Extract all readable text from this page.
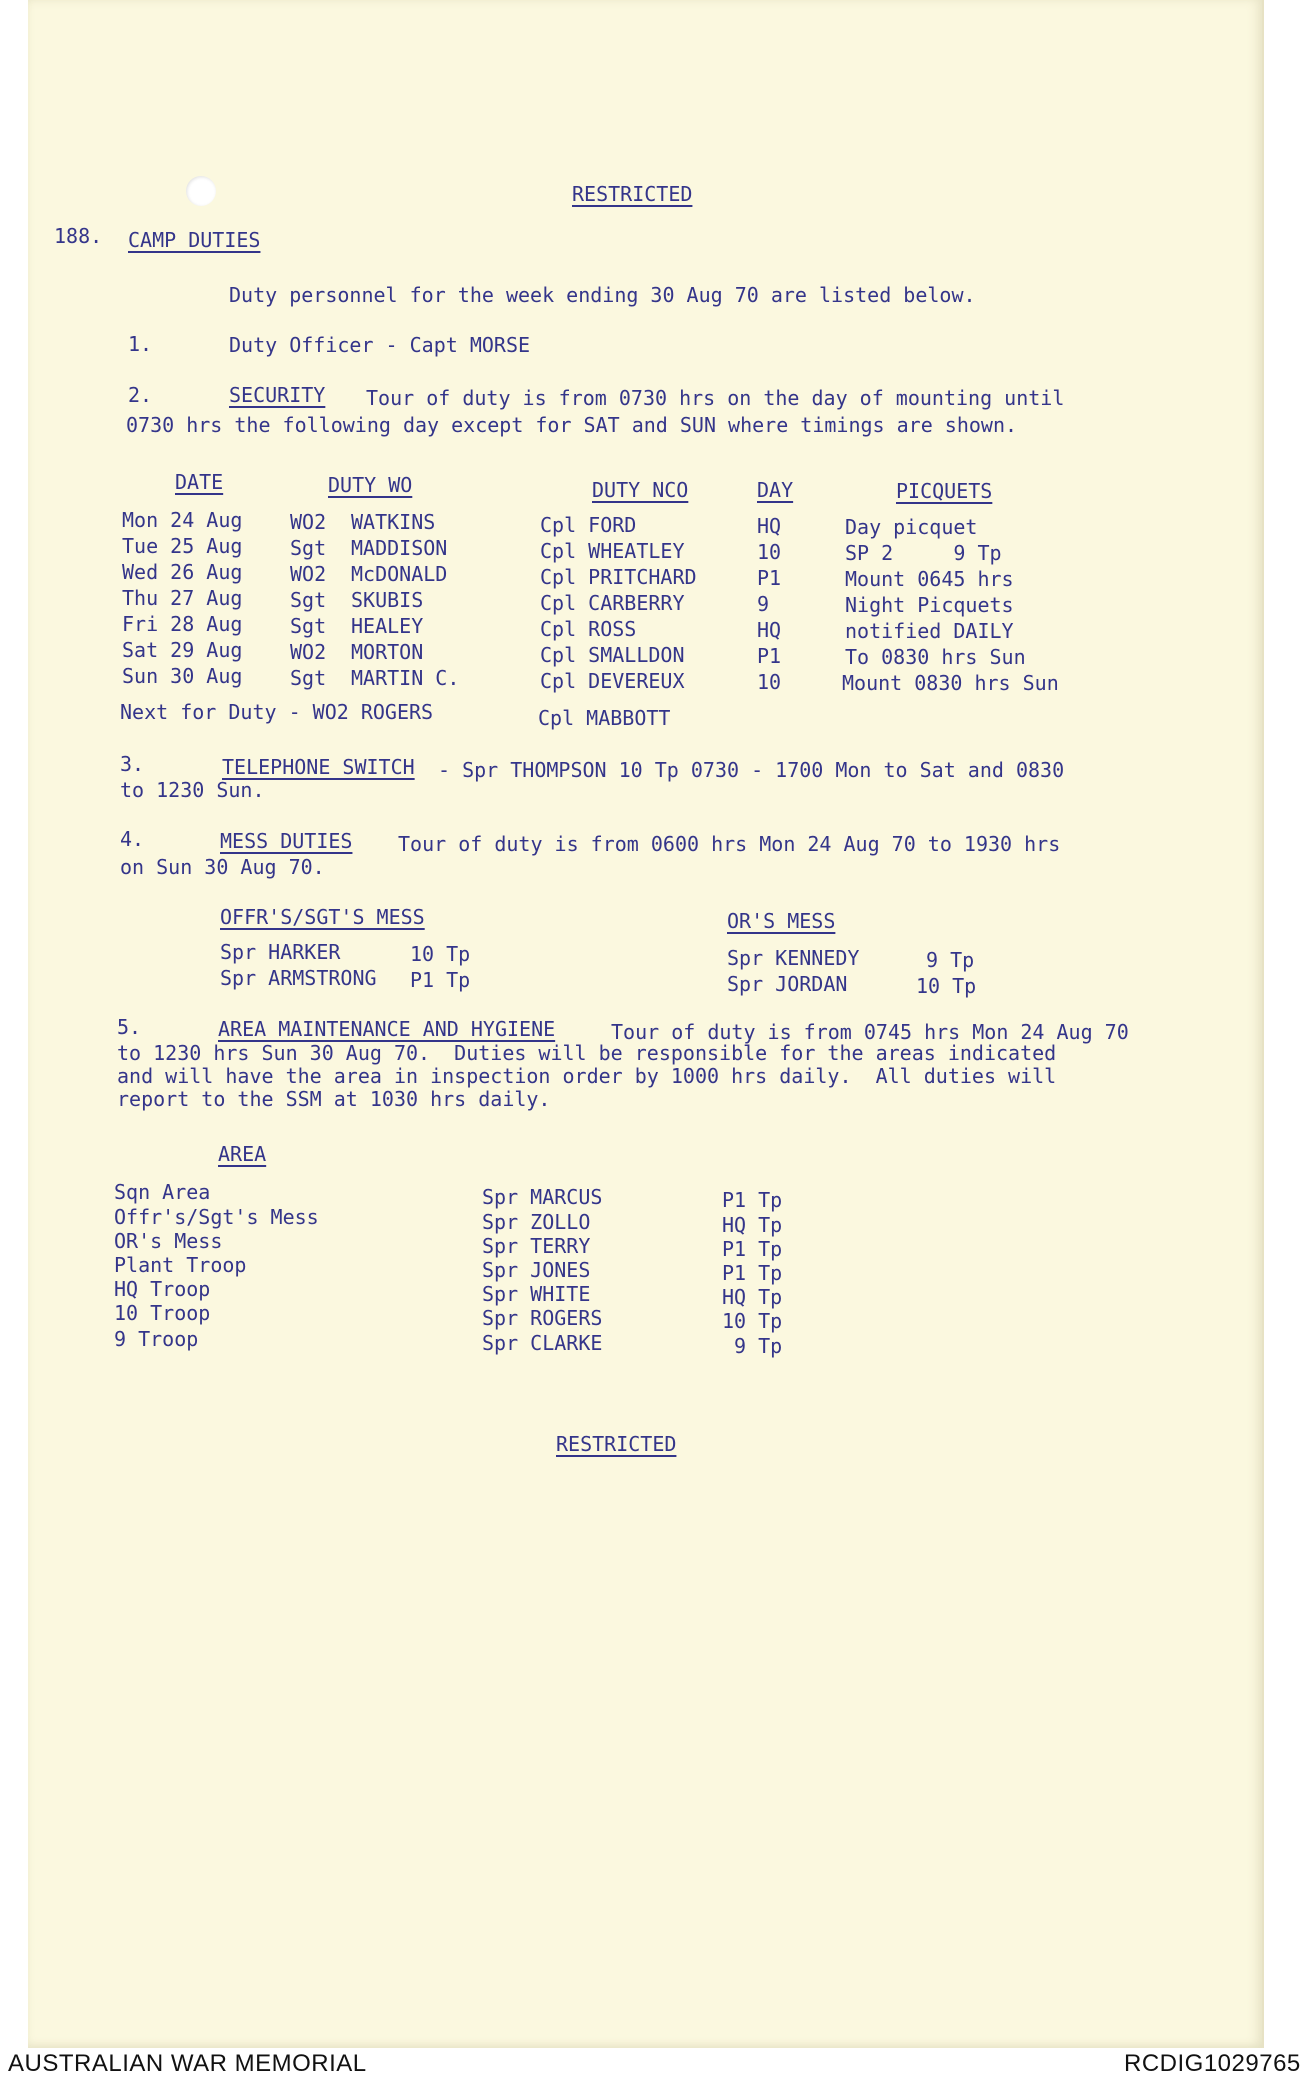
RESTRICTED
188. CAMP DUTIES
Duty personnel for the week ending 30 Aug 70 are listed below.
1.	Duty Officer - Capt MORSE
2.	SECURITY Tour of duty is from 0730 hrs on the day of mounting until
0730 hrs the following day except for SAT and SUN where timings are shown.
DATE	DUTY WO	DUTY NCO	DAY	PICQUETS
Mon 24 Aug WO2 WATKINS	Cpl FORD	HQ	Day picquet
Tue 25 Aug Sgt MADDISON	Cpl WHEATLEY	10	SP 2     9 Tp
Wed 26 Aug WO2 McDONALD	Cpl PRITCHARD	P1	Mount 0645 hrs
Thu 27 Aug Sgt SKUBIS	Cpl CARBERRY	9	Night Picquets
Fri 28 Aug Sgt HEALEY	Cpl ROSS	HQ	notified DAILY
Sat 29 Aug WO2 MORTON	Cpl SMALLDON	P1	To 0830 hrs Sun
Sun 30 Aug Sgt MARTIN C.	Cpl DEVEREUX	10	Mount 0830 hrs Sun
Next for Duty - WO2 ROGERS	Cpl MABBOTT
3.	TELEPHONE SWITCH - Spr THOMPSON 10 Tp 0730 - 1700 Mon to Sat and 0830
to 1230 Sun.
4.	MESS DUTIES Tour of duty is from 0600 hrs Mon 24 Aug 70 to 1930 hrs
on Sun 30 Aug 70.
OFFR'S/SGT'S MESS
Spr HARKER	10 Tp
Spr ARMSTRONG P1 Tp
OR'S MESS
Spr KENNEDY	9 Tp
Spr JORDAN	10 Tp
5.	AREA MAINTENANCE AND HYGIENE	Tour of duty is from 0745 hrs Mon 24 Aug 70
to 1230 hrs Sun 30 Aug 70.  Duties will be responsible for the areas indicated
and will have the area in inspection order by 1000 hrs daily.  All duties will
report to the SSM at 1030 hrs daily.
AREA
Sqn Area	Spr MARCUS	P1 Tp
Offr's/Sgt's Mess	Spr ZOLLO	HQ Tp
OR's Mess	Spr TERRY	P1 Tp
Plant Troop	Spr JONES	P1 Tp
HQ Troop	Spr WHITE	HQ Tp
10 Troop	Spr ROGERS	10 Tp
9 Troop	Spr CLARKE	9 Tp
RESTRICTED
AUSTRALIAN WAR MEMORIAL	RCDIG1029765
